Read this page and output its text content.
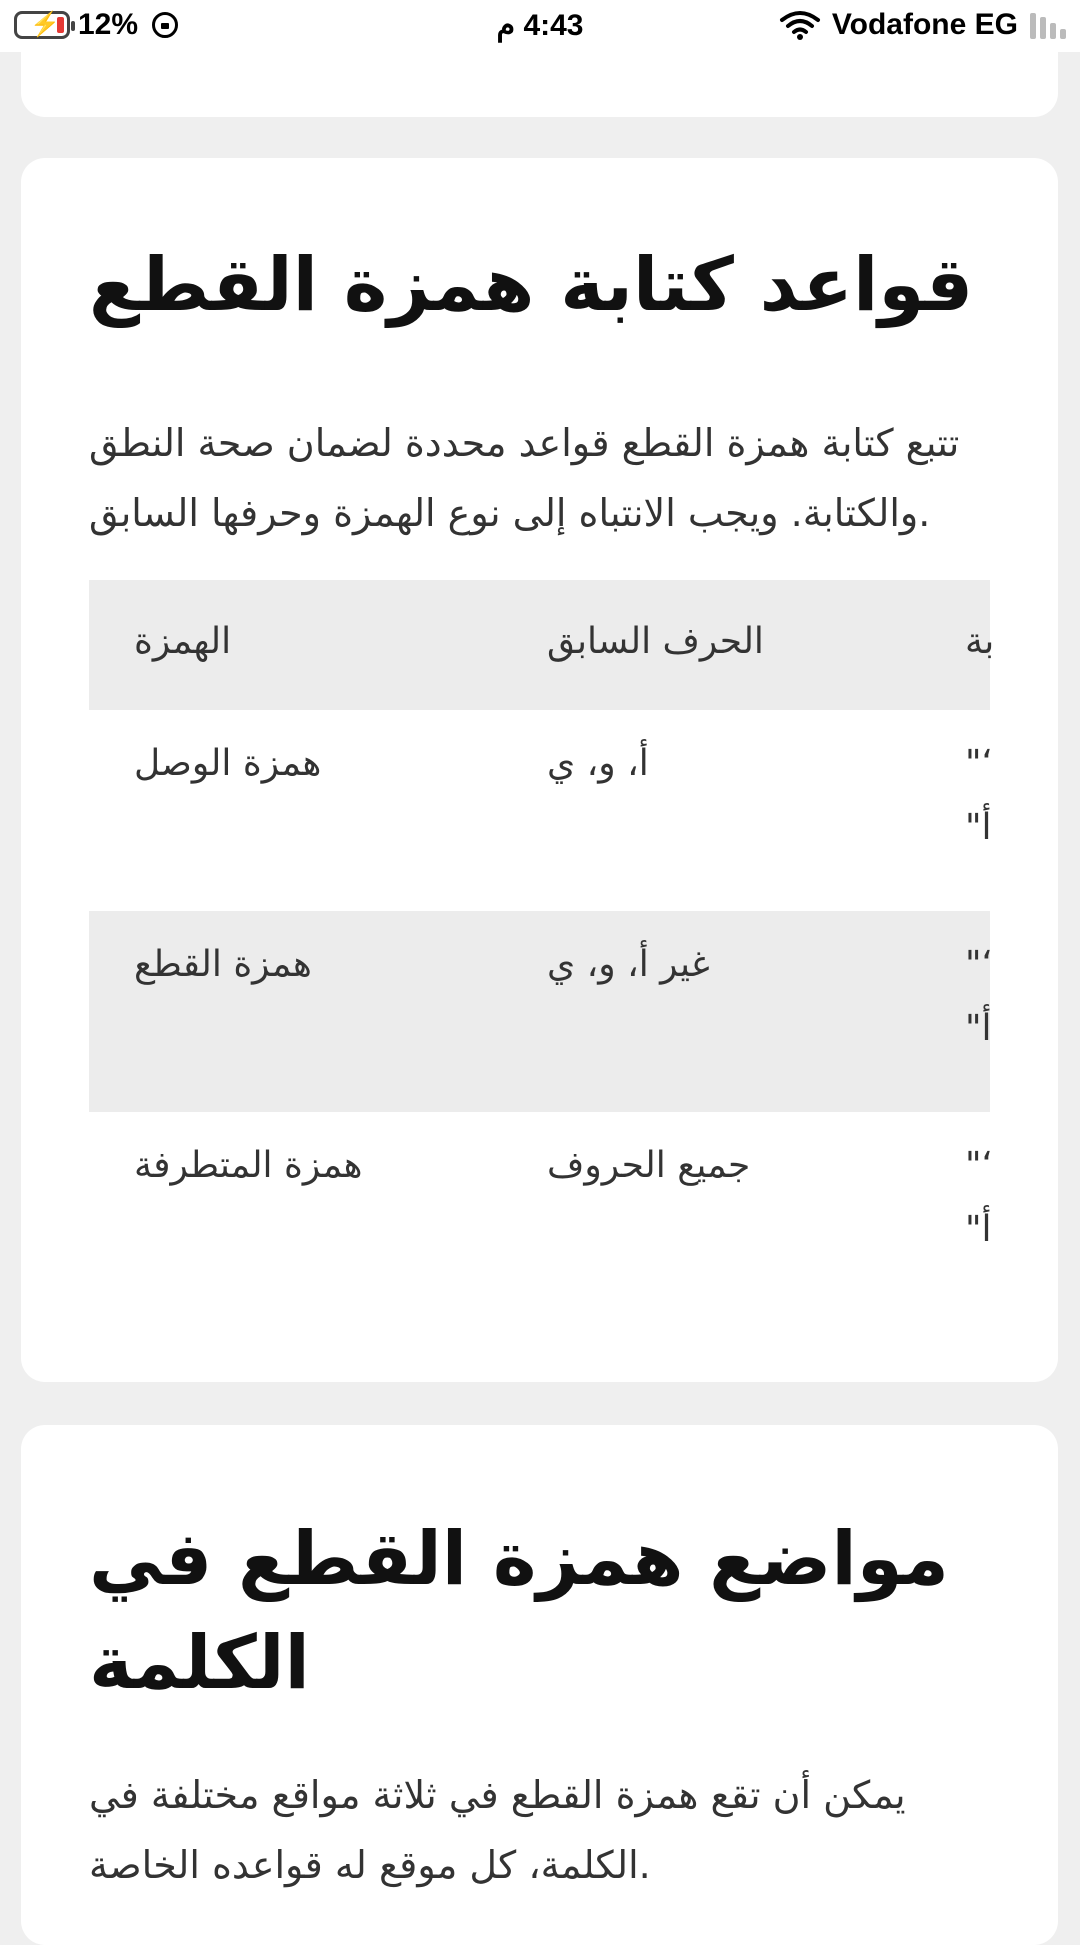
⚡ 12%	4:43 م	Vodafone EG
قواعد كتابة همزة القطع
تتبع كتابة همزة القطع قواعد محددة لضمان صحة النطق
.والكتابة. ويجب الانتباه إلى نوع الهمزة وحرفها السابق
الهمزة	الحرف السابق	بة
همزة الوصل	أ، و، ي	"‘
أ"
همزة القطع	غير أ، و، ي	"‘
أ"
همزة المتطرفة	جميع الحروف	"‘
أ"
مواضع همزة القطع في
الكلمة
يمكن أن تقع همزة القطع في ثلاثة مواقع مختلفة في
.الكلمة، كل موقع له قواعده الخاصة
